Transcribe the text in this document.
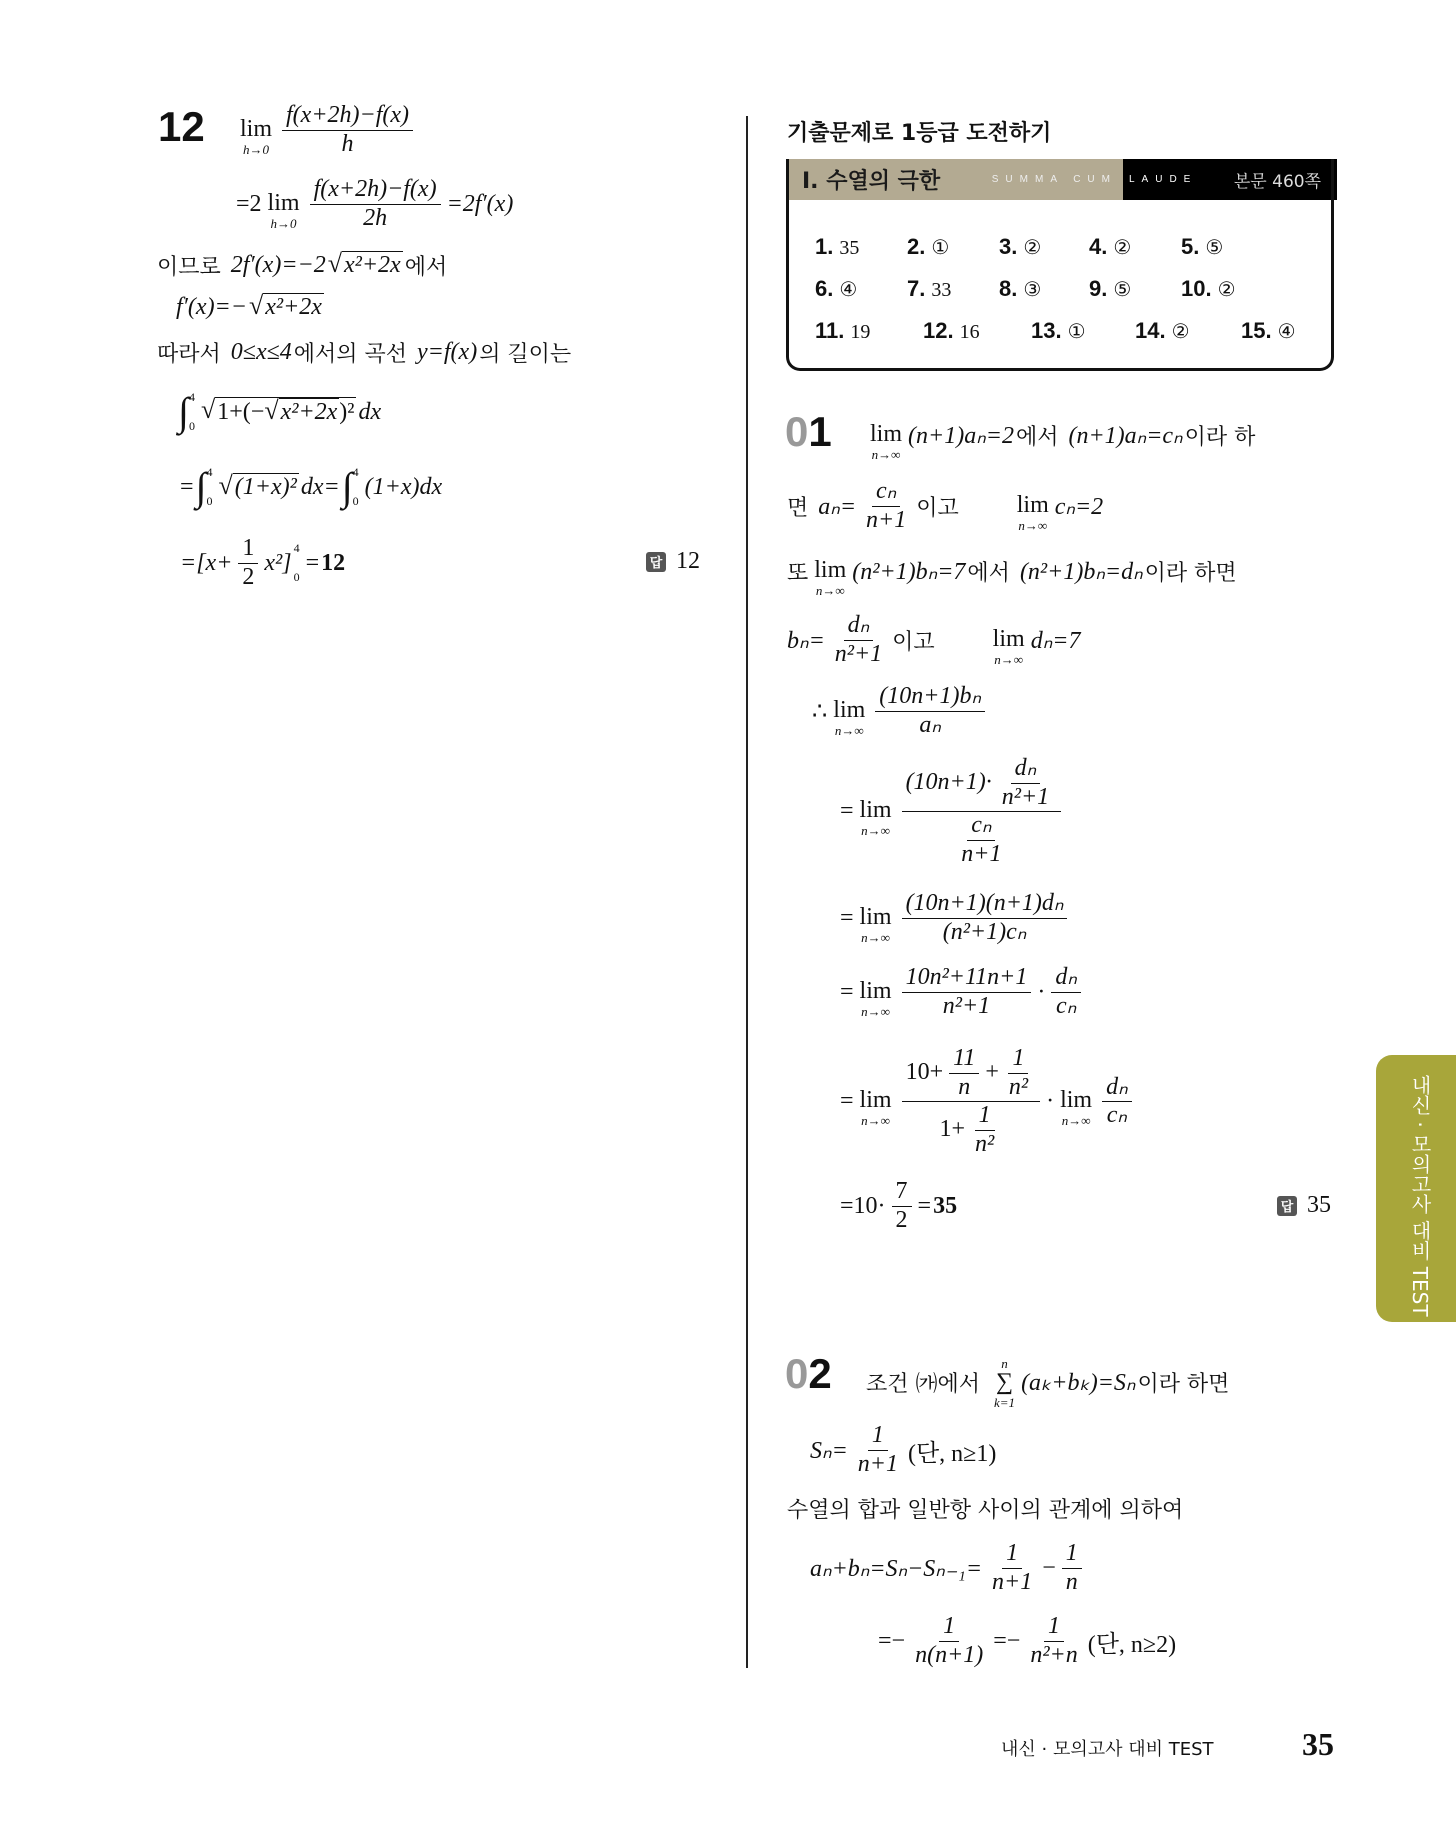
12 lim
$h\to 0 \frac{f(x+2h)-f(x)}{h}$
=2 lim
$h\to 0 \frac{f(x+2h)-f(x)}{2h} =2f'(x)$
이므로
2f′(x)=−2 √ x²+2x 에서
f′(x)=− √ x²+2x
따라서
0≤x≤4 에서의 곡선
y=f(x) 의 길이는
∫ 4
0
√ 1+(− √ x²+2x )² dx
= ∫ 4
0
√ (1+x)² dx= ∫ 4
0
(1+x)dx
$=[x+ \frac{1}{2} x^2]$
4
0
= 12	답 12
기출문제로 1등급 도전하기
I. 수열의 극한	SUMMA CUM LAUDE 본문 460쪽
1. 35	2. ①	3. ②	4. ②	5. ⑤
6. ④	7. 33	8. ③	9. ⑤	10. ②
11. 19	12. 16	13. ①	14. ②	15. ④
01 lim
n→∞
(n+1)aₙ=2 에서
(n+1)aₙ=cₙ 이라 하
면
$a_n= \frac{\text{cₙ}}{n+1}$ 이고 lim
n→∞
cₙ=2
또 lim
n→∞
(n²+1)bₙ=7 에서
(n²+1)bₙ=dₙ 이라 하면
$b_n= \frac{\text{dₙ}}{\text{n²+1}}$ 이고 lim
n→∞
dₙ=7
∴ lim
$n\to\infty \frac{\text{(10n+1)bₙ}}{\text{aₙ}}$
= lim
$n\to\infty \frac{(10n+1)\cdot \frac{\text{dₙ}}{\text{n²+1}}}{\frac{\text{cₙ}}{n+1}}$
= lim
$n\to\infty \frac{\text{(10n+1)(n+1)dₙ}}{\text{(n²+1)cₙ}}$
= lim
$n\to\infty \frac{\text{10n²+11n+1}}{\text{n²+1}} \cdot \frac{\text{dₙ}}{\text{cₙ}}$
= lim
$n\to\infty \frac{10+ \frac{11}{n} + \frac{1}{\text{n²}}}{1+ \frac{1}{\text{n²}}} \cdot \lim$
$n\to\infty \frac{\text{dₙ}}{\text{cₙ}}$
$=10\cdot \frac{7}{2} = 35$	답 35
02 조건 ㈎에서

n
∑
k=1
(aₖ+bₖ)=Sₙ 이라 하면
$S_n= \frac{1}{n+1}$ (단, n≥1)
수열의 합과 일반항 사이의 관계에 의하여
$a_n+b_n=S_n-S_{n-1}= \frac{1}{n+1} - \frac{1}{n}$
=− $\frac{1}{n(n+1)} =- \frac{1}{\text{n²+n}}$ (단, n≥2)
내신 · 모의고사 대비 TEST	35
내신 · 모의고사 대비 TEST
